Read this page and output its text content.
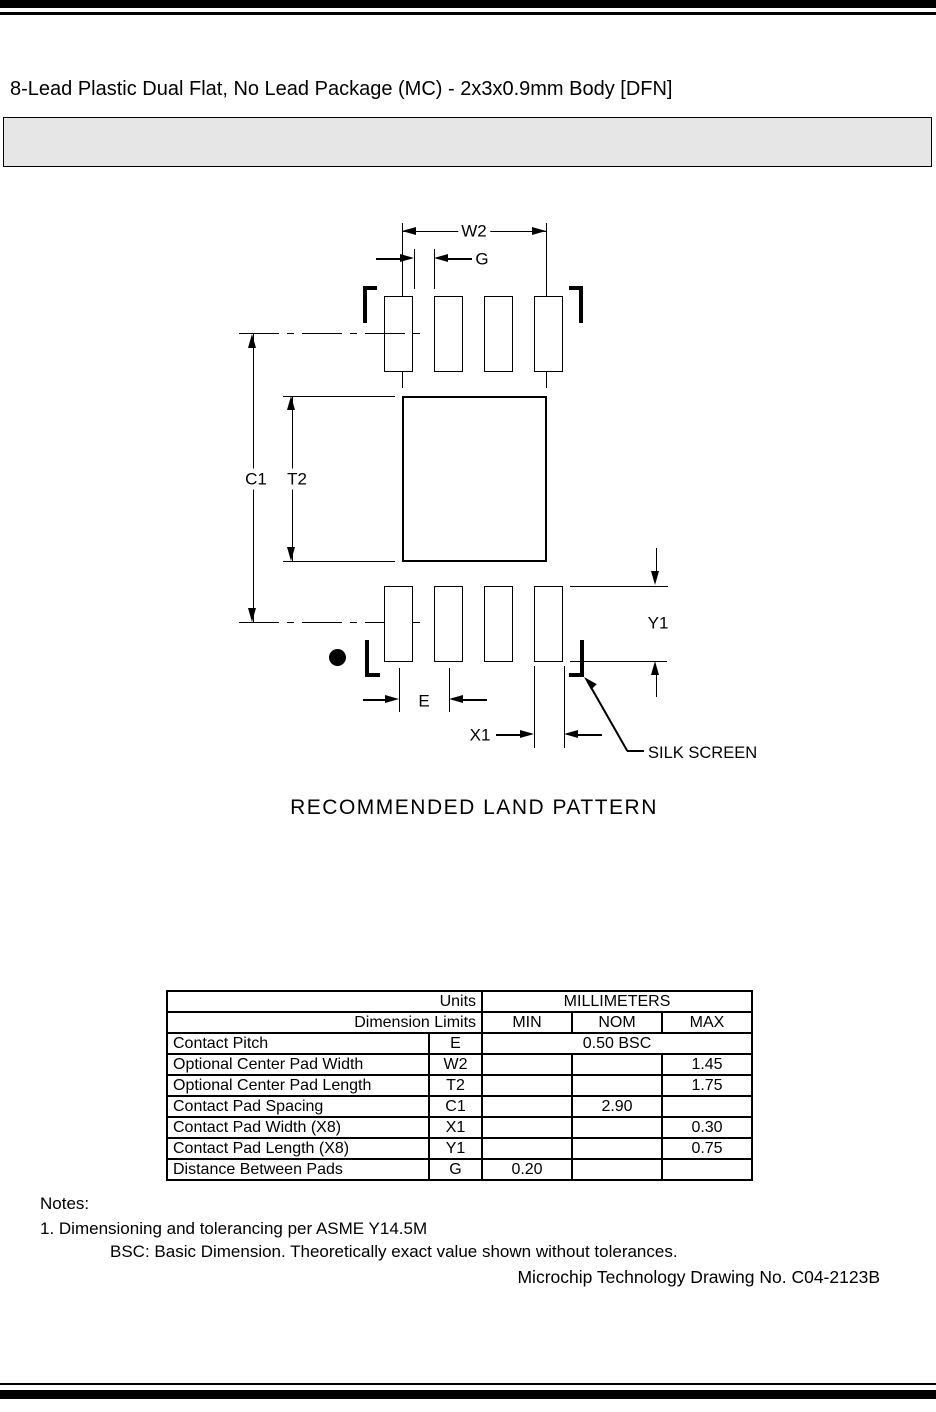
8-Lead Plastic Dual Flat, No Lead Package (MC) - 2x3x0.9mm Body [DFN]
W2
G
C1 T2
Y1
E
X1
SILK SCREEN
RECOMMENDED LAND PATTERN
Units		MILLIMETERS		
Dimension Limits		MIN	NOM	MAX
Contact Pitch	E	0.50 BSC		
Optional Center Pad Width	W2			1.45
Optional Center Pad Length	T2			1.75
Contact Pad Spacing	C1		2.90	
Contact Pad Width (X8)	X1			0.30
Contact Pad Length (X8)	Y1			0.75
Distance Between Pads	G	0.20		
Notes:
1. Dimensioning and tolerancing per ASME Y14.5M
BSC: Basic Dimension. Theoretically exact value shown without tolerances.
Microchip Technology Drawing No. C04-2123B
